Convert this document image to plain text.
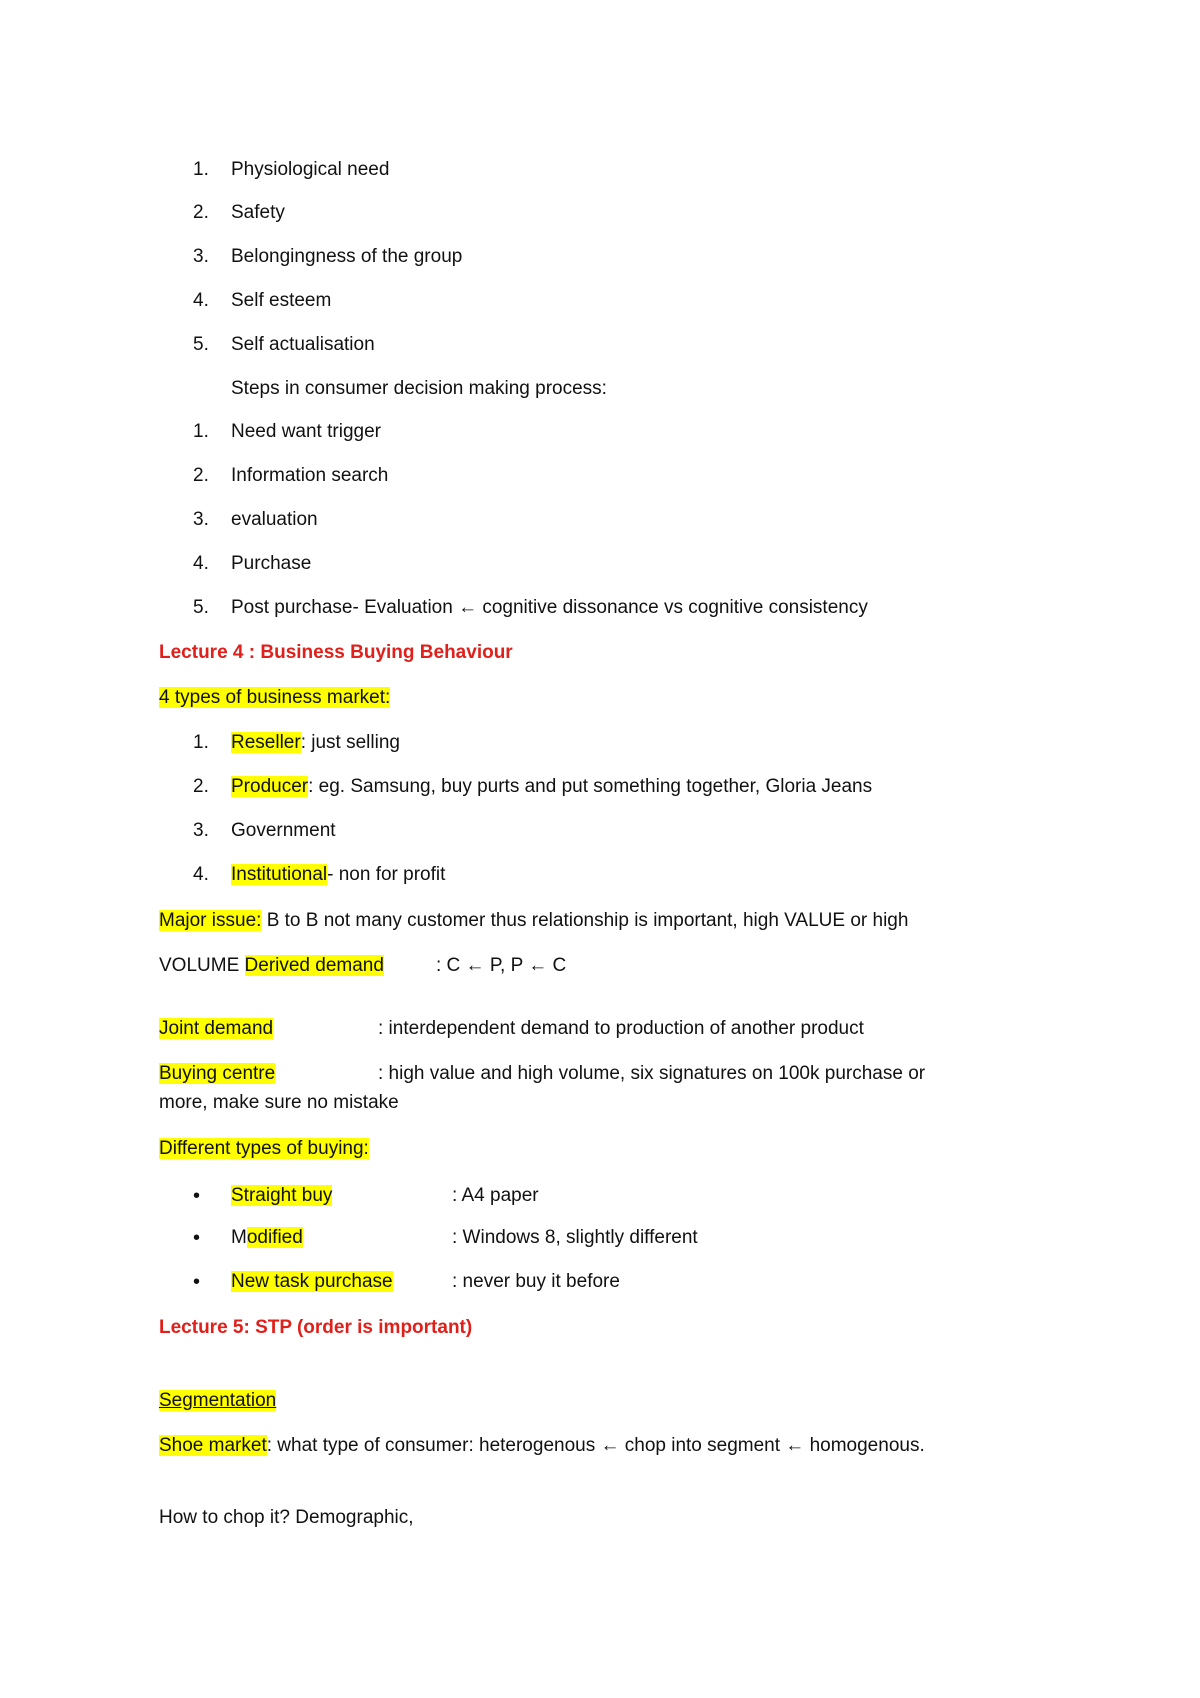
1.	Physiological need
2.	Safety
3.	Belongingness of the group
4.	Self esteem
5.	Self actualisation
Steps in consumer decision making process:
1.	Need want trigger
2.	Information search
3.	evaluation
4.	Purchase
5.	Post purchase- Evaluation ← cognitive dissonance vs cognitive consistency
Lecture 4 : Business Buying Behaviour
4 types of business market:
1.	Reseller: just selling
2.	Producer: eg. Samsung, buy purts and put something together, Gloria Jeans
3.	Government
4.	Institutional- non for profit
Major issue: B to B not many customer thus relationship is important, high VALUE or high
VOLUME Derived demand	: C ← P, P ← C
Joint demand	: interdependent demand to production of another product
Buying centre	: high value and high volume, six signatures on 100k purchase or
more, make sure no mistake
Different types of buying:
• Straight buy	: A4 paper
• Modified	: Windows 8, slightly different
• New task purchase	: never buy it before
Lecture 5: STP (order is important)
Segmentation
Shoe market: what type of consumer: heterogenous ← chop into segment ← homogenous.
How to chop it? Demographic,
